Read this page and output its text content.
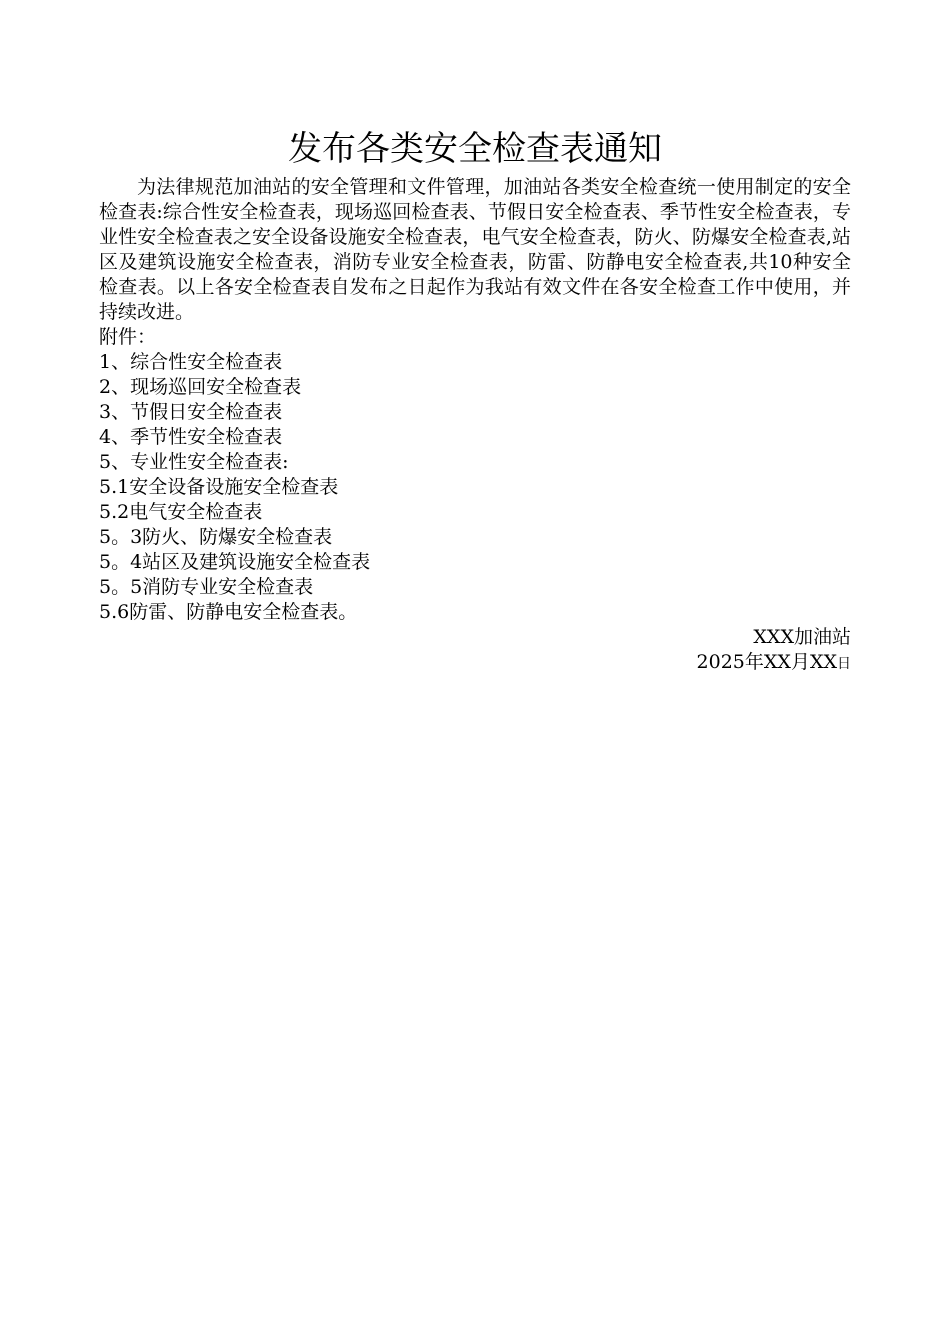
发布各类安全检查表通知

为法律规范加油站的安全管理和文件管理，加油站各类安全检查统一使用制定的安全检查表:综合性安全检查表，现场巡回检查表、节假日安全检查表、季节性安全检查表，专业性安全检查表之安全设备设施安全检查表，电气安全检查表，防火、防爆安全检查表,站区及建筑设施安全检查表，消防专业安全检查表，防雷、防静电安全检查表,共10种安全检查表。以上各安全检查表自发布之日起作为我站有效文件在各安全检查工作中使用，并持续改进。

附件：

1、综合性安全检查表

2、现场巡回安全检查表

3、节假日安全检查表

4、季节性安全检查表

5、专业性安全检查表:

5.1安全设备设施安全检查表

5.2电气安全检查表

5。3防火、防爆安全检查表

5。4站区及建筑设施安全检查表

5。5消防专业安全检查表

5.6防雷、防静电安全检查表。

XXX加油站

2025年XX月XX日
